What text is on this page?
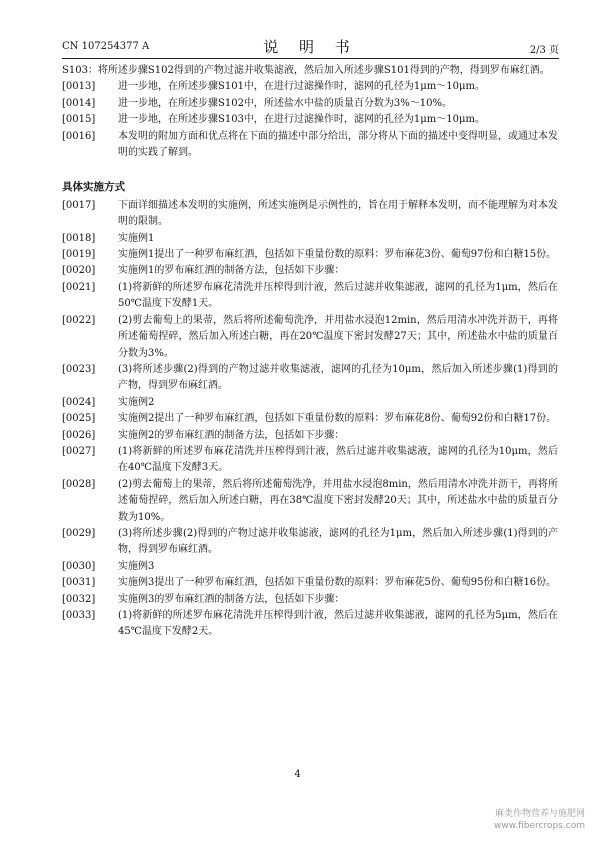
CN 107254377 A	说 明 书	2/3 页
S103：将所述步骤S102得到的产物过滤并收集滤液，然后加入所述步骤S101得到的产物，得到罗布麻红酒。
[0013]	进一步地，在所述步骤S101中，在进行过滤操作时，滤网的孔径为1μm～10μm。
[0014]	进一步地，在所述步骤S102中，所述盐水中盐的质量百分数为3%～10%。
[0015]	进一步地，在所述步骤S103中，在进行过滤操作时，滤网的孔径为1μm～10μm。
[0016]	本发明的附加方面和优点将在下面的描述中部分给出，部分将从下面的描述中变得明显，或通过本发明的实践了解到。
具体实施方式
[0017]	下面详细描述本发明的实施例，所述实施例是示例性的，旨在用于解释本发明，而不能理解为对本发明的限制。
[0018]	实施例1
[0019]	实施例1提出了一种罗布麻红酒，包括如下重量份数的原料：罗布麻花3份、葡萄97份和白糖15份。
[0020]	实施例1的罗布麻红酒的制备方法，包括如下步骤：
[0021]	(1)将新鲜的所述罗布麻花清洗并压榨得到汁液，然后过滤并收集滤液，滤网的孔径为1μm，然后在50℃温度下发酵1天。
[0022]	(2)剪去葡萄上的果蒂，然后将所述葡萄洗净，并用盐水浸泡12min，然后用清水冲洗并沥干，再将所述葡萄捏碎，然后加入所述白糖，再在20℃温度下密封发酵27天；其中，所述盐水中盐的质量百分数为3%。
[0023]	(3)将所述步骤(2)得到的产物过滤并收集滤液，滤网的孔径为10μm，然后加入所述步骤(1)得到的产物，得到罗布麻红酒。
[0024]	实施例2
[0025]	实施例2提出了一种罗布麻红酒，包括如下重量份数的原料：罗布麻花8份、葡萄92份和白糖17份。
[0026]	实施例2的罗布麻红酒的制备方法，包括如下步骤：
[0027]	(1)将新鲜的所述罗布麻花清洗并压榨得到汁液，然后过滤并收集滤液，滤网的孔径为10μm，然后在40℃温度下发酵3天。
[0028]	(2)剪去葡萄上的果蒂，然后将所述葡萄洗净，并用盐水浸泡8min，然后用清水冲洗并沥干，再将所述葡萄捏碎，然后加入所述白糖，再在38℃温度下密封发酵20天；其中，所述盐水中盐的质量百分数为10%。
[0029]	(3)将所述步骤(2)得到的产物过滤并收集滤液，滤网的孔径为1μm，然后加入所述步骤(1)得到的产物，得到罗布麻红酒。
[0030]	实施例3
[0031]	实施例3提出了一种罗布麻红酒，包括如下重量份数的原料：罗布麻花5份、葡萄95份和白糖16份。
[0032]	实施例3的罗布麻红酒的制备方法，包括如下步骤：
[0033]	(1)将新鲜的所述罗布麻花清洗并压榨得到汁液，然后过滤并收集滤液，滤网的孔径为5μm，然后在45℃温度下发酵2天。
4
麻类作物营养与施肥网
www.fibercrops.com
